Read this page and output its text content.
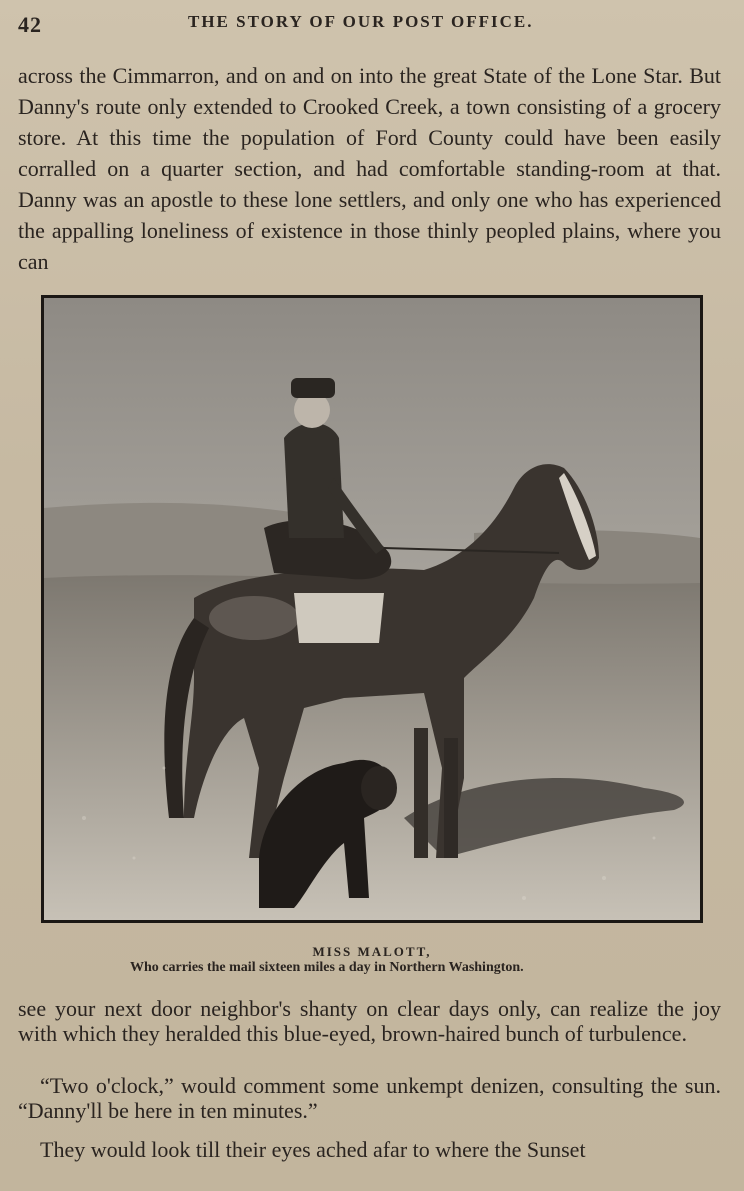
42	THE STORY OF OUR POST OFFICE.

across the Cimmarron, and on and on into the great State of the Lone Star. But Danny's route only extended to Crooked Creek, a town consisting of a grocery store. At this time the population of Ford County could have been easily corralled on a quarter section, and had comfortable standing-room at that. Danny was an apostle to these lone settlers, and only one who has experienced the appalling loneliness of existence in those thinly peopled plains, where you can

MISS MALOTT,
Who carries the mail sixteen miles a day in Northern Washington.

see your next door neighbor's shanty on clear days only, can realize the joy with which they heralded this blue-eyed, brown-haired bunch of turbulence.

“Two o'clock,” would comment some unkempt denizen, consulting the sun. “Danny'll be here in ten minutes.”

They would look till their eyes ached afar to where the Sunset
